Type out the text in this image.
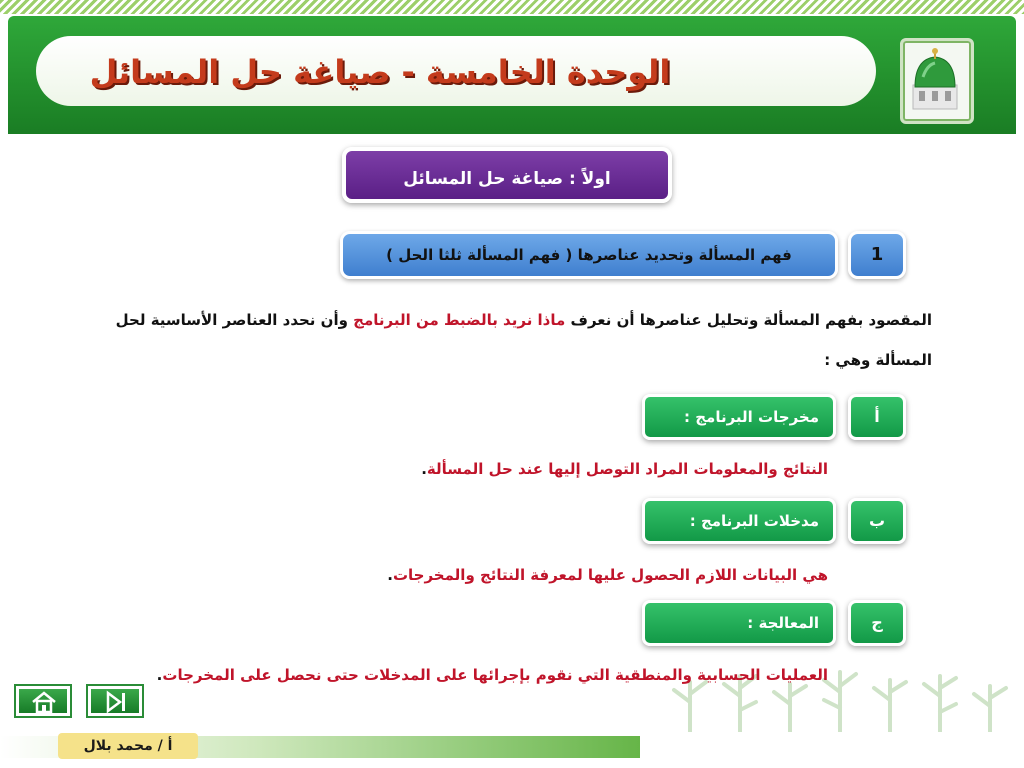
الوحدة الخامسة - صياغة حل المسائل
اولاً : صياغة حل المسائل
1
فهم المسألة وتحديد عناصرها ( فهم المسألة ثلثا الحل )
المقصود بفهم المسألة وتحليل عناصرها أن نعرف ماذا نريد بالضبط من البرنامج وأن نحدد العناصر الأساسية لحل المسألة وهي :
أ
مخرجات البرنامج :
النتائج والمعلومات المراد التوصل إليها عند حل المسألة.
ب
مدخلات البرنامج :
هي البيانات اللازم الحصول عليها لمعرفة النتائج والمخرجات.
ج
المعالجة :
العمليات الحسابية والمنطقية التي نقوم بإجرائها على المدخلات حتى نحصل على المخرجات.
أ / محمد بلال
